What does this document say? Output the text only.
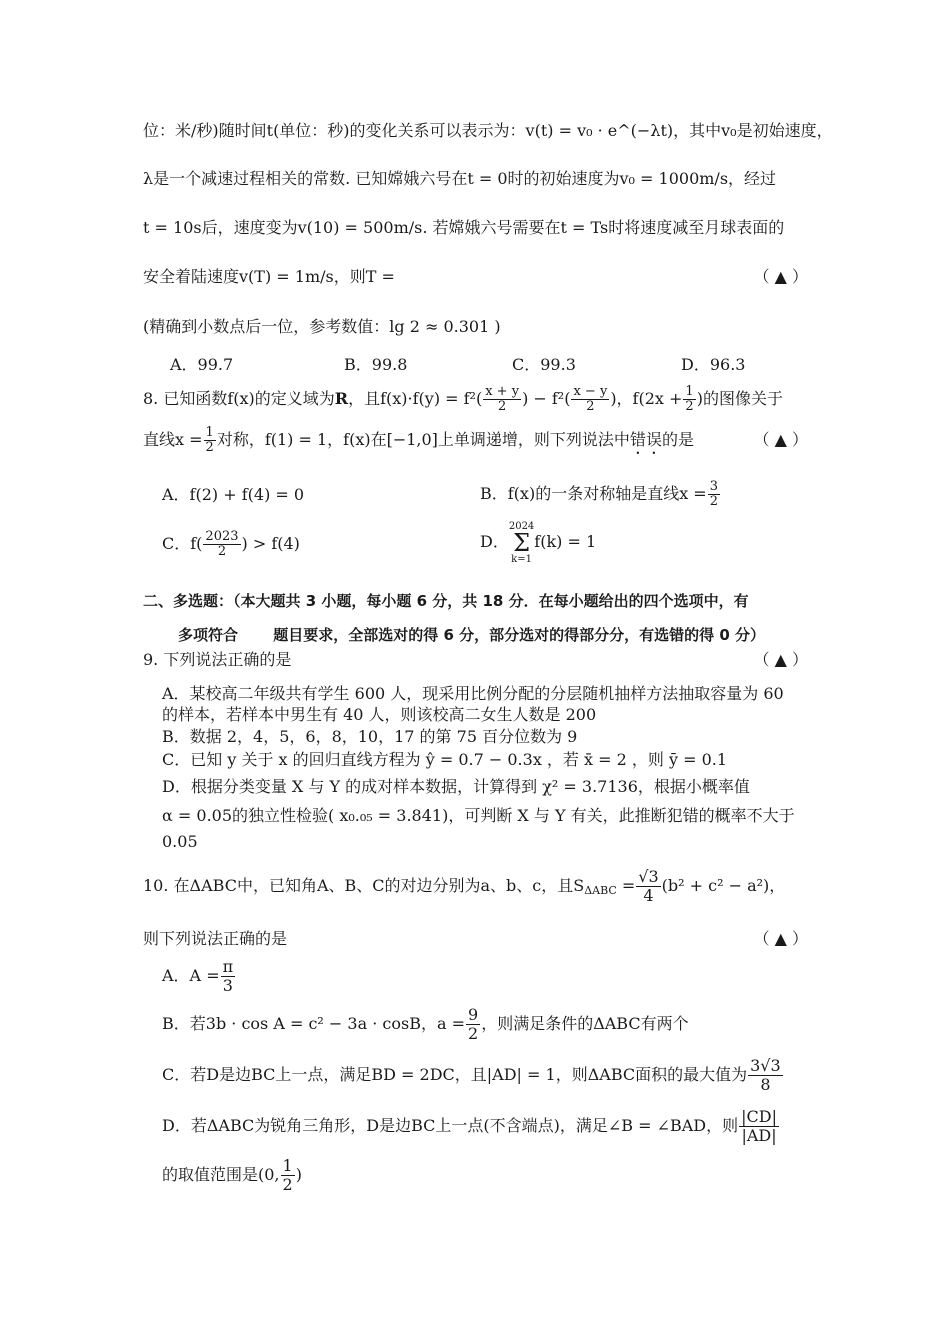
位：米/秒)随时间t(单位：秒)的变化关系可以表示为：v(t) = v₀ · e^(−λt)，其中v₀是初始速度，
λ是一个减速过程相关的常数. 已知嫦娥六号在t = 0时的初始速度为v₀ = 1000m/s，经过
t = 10s后，速度变为v(10) = 500m/s. 若嫦娥六号需要在t = Ts时将速度减至月球表面的
安全着陆速度v(T) = 1m/s，则T =	（ ▲ ）
(精确到小数点后一位，参考数值：lg 2 ≈ 0.301 )
A．99.7	B．99.8	C．99.3	D．96.3
8. 已知函数f(x)的定义域为R，且$f(x)\cdot f(y) = f^2( \frac{x + y}{2}$ ) − $f^2( \frac{x - y}{2}$ )，$f(2x + \frac{1}{2}$ )的图像关于
直线$x = \frac{1}{2}$ 对称，f(1) = 1，f(x)在[−1,0]上单调递增，则下列说法中错误的是	（ ▲ ）
A．f(2) + f(4) = 0	B．f(x)的一条对称轴是直线$x = \frac{3}{2}$
C．$f( \frac{2023}{2}$ ) > f(4)	D．2024
Σ
k=1f(k) = 1
二、多选题：（本大题共 3 小题，每小题 6 分，共 18 分．在每小题给出的四个选项中，有
多项符合 　　题目要求，全部选对的得 6 分，部分选对的得部分分，有选错的得 0 分）
9. 下列说法正确的是	（ ▲ ）
A．某校高二年级共有学生 600 人，现采用比例分配的分层随机抽样方法抽取容量为 60
的样本，若样本中男生有 40 人，则该校高二女生人数是 200
B．数据 2，4，5，6，8，10，17 的第 75 百分位数为 9
C．已知 y 关于 x 的回归直线方程为 ŷ = 0.7 − 0.3x ，若 x̄ = 2 ，则 ȳ = 0.1
D．根据分类变量 X 与 Y 的成对样本数据，计算得到 χ² = 3.7136，根据小概率值
α = 0.05的独立性检验( x₀.₀₅ = 3.841)，可判断 X 与 Y 有关，此推断犯错的概率不大于
0.05
10. 在ΔABC中，已知角A、B、C的对边分别为a、b、c，且$S_{\Delta ABC} = \frac{√3}{4} (b^2 + c^2 - a^2)$，
则下列说法正确的是	（ ▲ ）
A．$A = \frac{\pi}{3}$
B．若3b · cos A = c² − 3a · cosB，$a = \frac{9}{2}$ ，则满足条件的ΔABC有两个
C．若D是边BC上一点，满足BD = 2DC，且|AD| = 1，则ΔABC面积的最大值为 $\frac{3√3}{8}$
D．若ΔABC为锐角三角形，D是边BC上一点(不含端点)，满足∠B = ∠BAD，则 $\frac{|CD|}{|AD|}$
的取值范围是(0, $\frac{1}{2}$ )
